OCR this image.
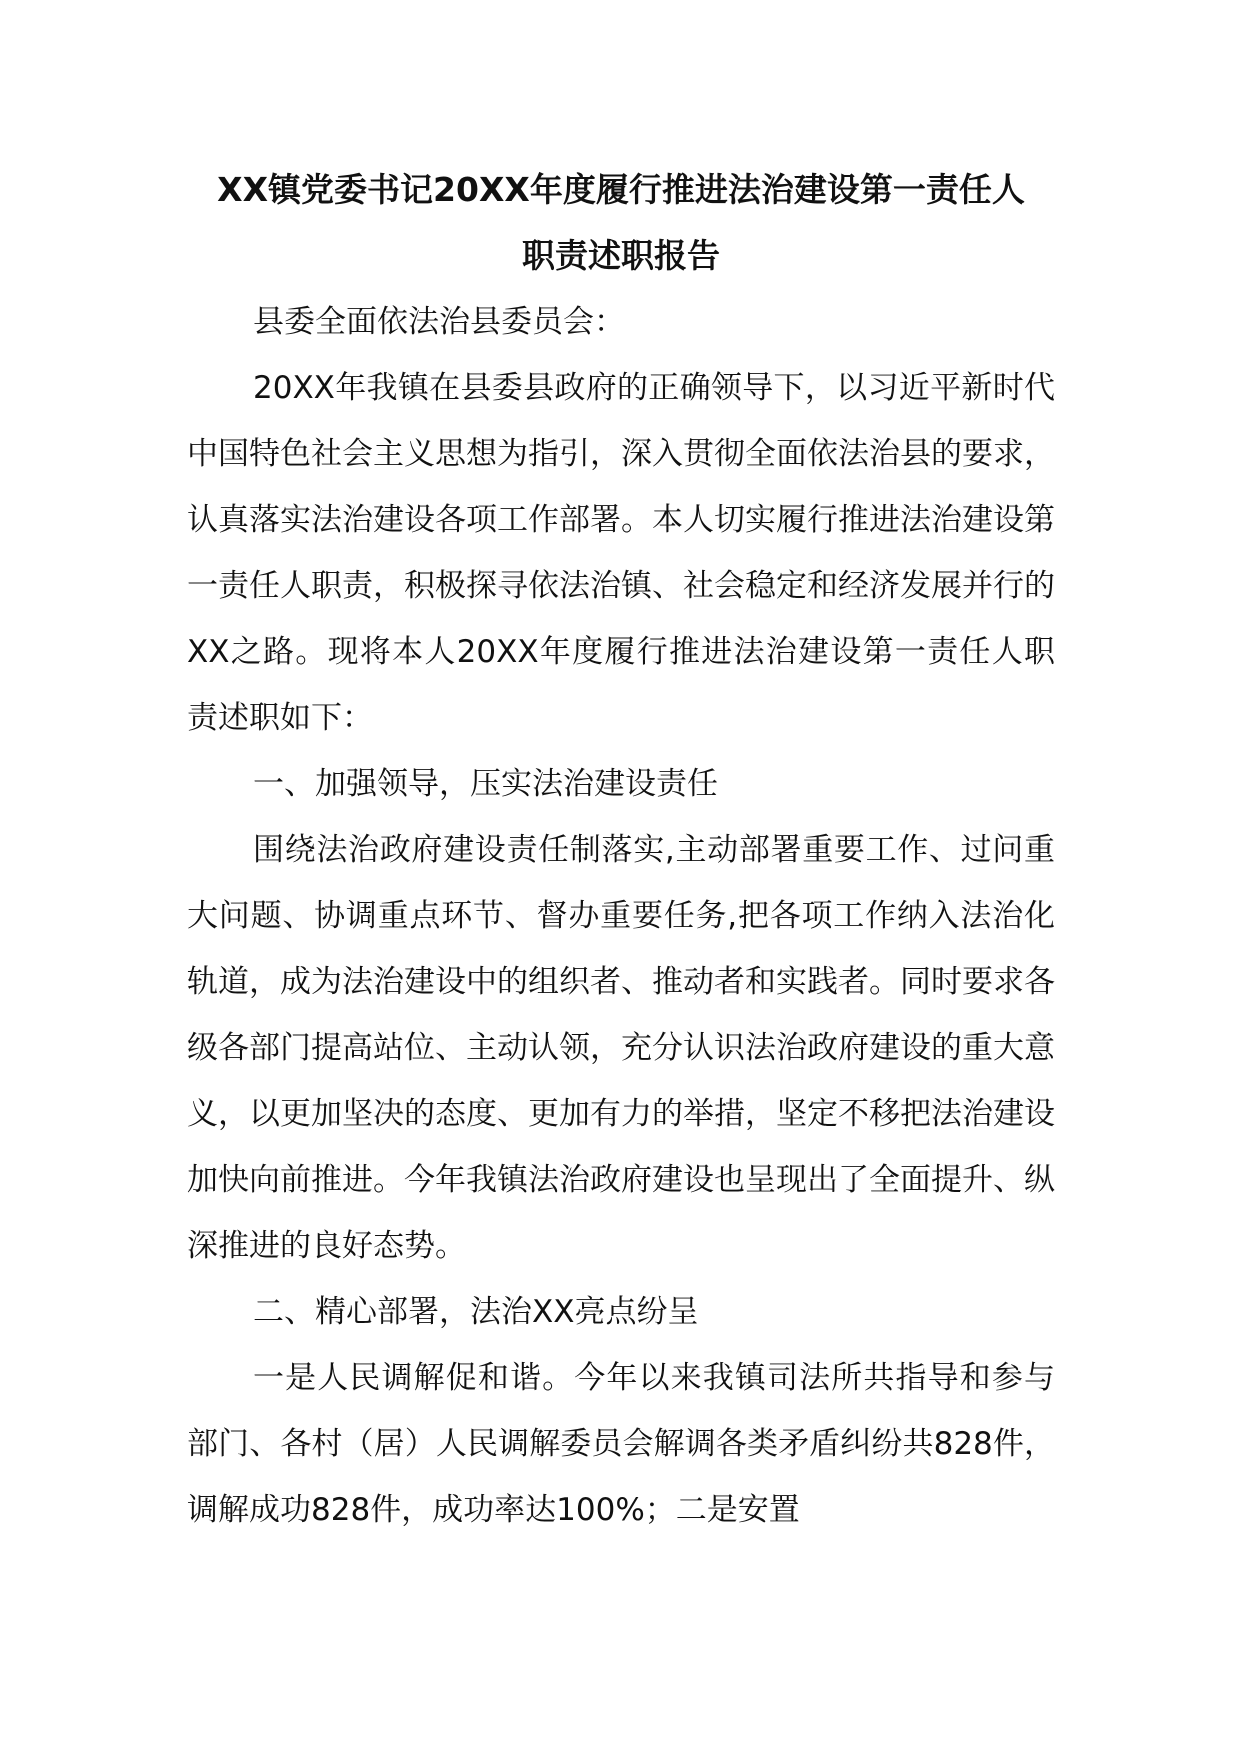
XX镇党委书记20XX年度履行推进法治建设第一责任人
职责述职报告

县委全面依法治县委员会：

20XX年我镇在县委县政府的正确领导下，以习近平新时代中国特色社会主义思想为指引，深入贯彻全面依法治县的要求，认真落实法治建设各项工作部署。本人切实履行推进法治建设第一责任人职责，积极探寻依法治镇、社会稳定和经济发展并行的XX之路。现将本人20XX年度履行推进法治建设第一责任人职责述职如下：

一、加强领导，压实法治建设责任

围绕法治政府建设责任制落实,主动部署重要工作、过问重大问题、协调重点环节、督办重要任务,把各项工作纳入法治化轨道，成为法治建设中的组织者、推动者和实践者。同时要求各级各部门提高站位、主动认领，充分认识法治政府建设的重大意义，以更加坚决的态度、更加有力的举措，坚定不移把法治建设加快向前推进。今年我镇法治政府建设也呈现出了全面提升、纵深推进的良好态势。

二、精心部署，法治XX亮点纷呈

一是人民调解促和谐。今年以来我镇司法所共指导和参与部门、各村（居）人民调解委员会解调各类矛盾纠纷共828件，调解成功828件，成功率达100%；二是安置
